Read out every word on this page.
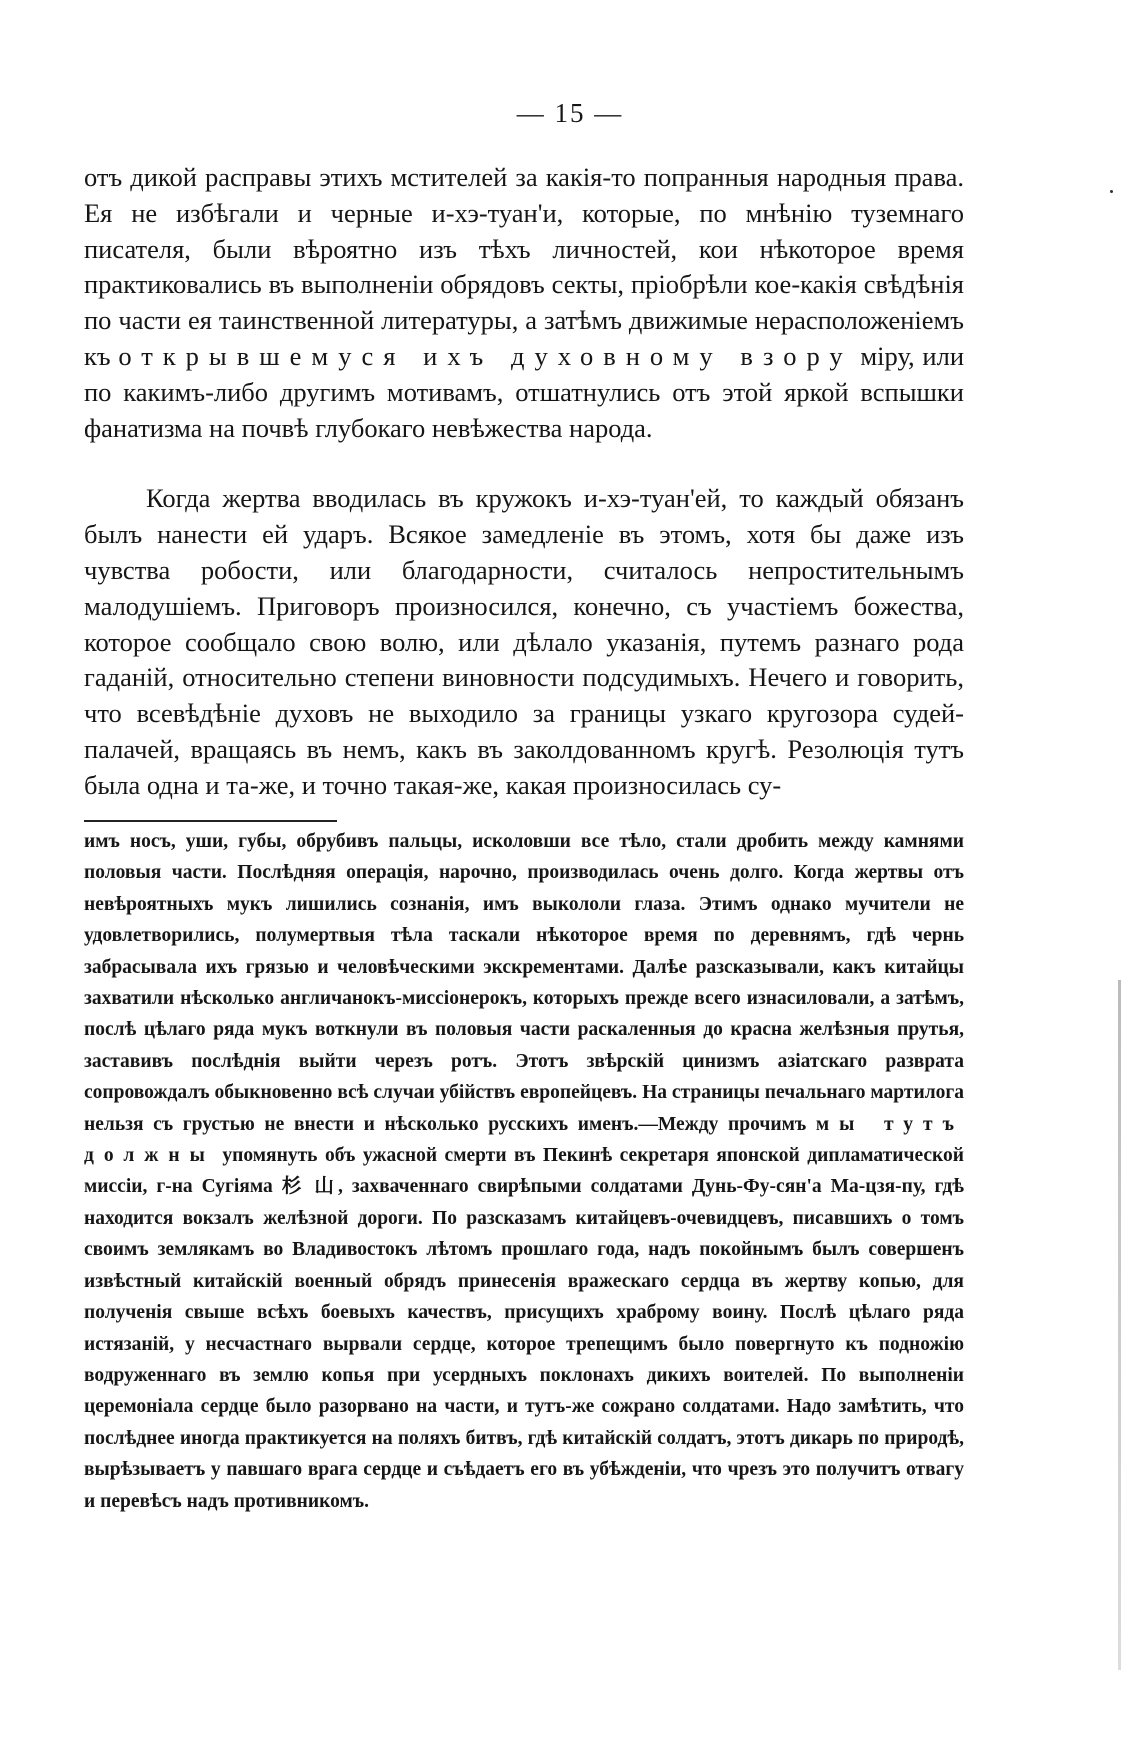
— 15 —

отъ дикой расправы этихъ мстителей за какія-то попранныя народныя права. Ея не избѣгали и черные и-хэ-туан'и, которые, по мнѣнію туземнаго писателя, были вѣроятно изъ тѣхъ личностей, кои нѣкоторое время практиковались въ выполненіи обрядовъ секты, пріобрѣли кое-какія свѣдѣнія по части ея таинственной литературы, а затѣмъ движимые нерасположеніемъ къ открывшемуся ихъ духовному взору міру, или по какимъ-либо другимъ мотивамъ, отшатнулись отъ этой яркой вспышки фанатизма на почвѣ глубокаго невѣжества народа.

Когда жертва вводилась въ кружокъ и-хэ-туан'ей, то каждый обязанъ былъ нанести ей ударъ. Всякое замедленіе въ этомъ, хотя бы даже изъ чувства робости, или благодарности, считалось непростительнымъ малодушіемъ. Приговоръ произносился, конечно, съ участіемъ божества, которое сообщало свою волю, или дѣлало указанія, путемъ разнаго рода гаданій, относительно степени виновности подсудимыхъ. Нечего и говорить, что всевѣдѣніе духовъ не выходило за границы узкаго кругозора судей-палачей, вращаясь въ немъ, какъ въ заколдованномъ кругѣ. Резолюція тутъ была одна и та-же, и точно такая-же, какая произносилась су-

имъ носъ, уши, губы, обрубивъ пальцы, исколовши все тѣло, стали дробить между камнями половыя части. Послѣдняя операція, нарочно, производилась очень долго. Когда жертвы отъ невѣроятныхъ мукъ лишились сознанія, имъ выкололи глаза. Этимъ однако мучители не удовлетворились, полумертвыя тѣла таскали нѣкоторое время по деревнямъ, гдѣ чернь забрасывала ихъ грязью и человѣческими экскрементами. Далѣе разсказывали, какъ китайцы захватили нѣсколько англичанокъ-миссіонерокъ, которыхъ прежде всего изнасиловали, а затѣмъ, послѣ цѣлаго ряда мукъ воткнули въ половыя части раскаленныя до красна желѣзныя прутья, заставивъ послѣднія выйти черезъ ротъ. Этотъ звѣрскій цинизмъ азіатскаго разврата сопровождалъ обыкновенно всѣ случаи убійствъ европейцевъ. На страницы печальнаго мартилога нельзя съ грустью не внести и нѣсколько русскихъ именъ.—Между прочимъ мы тутъ должны упомянуть объ ужасной смерти въ Пекинѣ секретаря японской дипламатической миссіи, г-на Сугіяма 杉 山, захваченнаго свирѣпыми солдатами Дунь-Фу-сян'а Ма-цзя-пу, гдѣ находится вокзалъ желѣзной дороги. По разсказамъ китайцевъ-очевидцевъ, писавшихъ о томъ своимъ землякамъ во Владивостокъ лѣтомъ прошлаго года, надъ покойнымъ былъ совершенъ извѣстный китайскій военный обрядъ принесенія вражескаго сердца въ жертву копью, для полученія свыше всѣхъ боевыхъ качествъ, присущихъ храброму воину. Послѣ цѣлаго ряда истязаній, у несчастнаго вырвали сердце, которое трепещимъ было повергнуто къ подножію водруженнаго въ землю копья при усердныхъ поклонахъ дикихъ воителей. По выполненіи церемоніала сердце было разорвано на части, и тутъ-же сожрано солдатами. Надо замѣтить, что послѣднее иногда практикуется на поляхъ битвъ, гдѣ китайскій солдатъ, этотъ дикарь по природѣ, вырѣзываетъ у павшаго врага сердце и съѣдаетъ его въ убѣжденіи, что чрезъ это получитъ отвагу и перевѣсъ надъ противникомъ.
